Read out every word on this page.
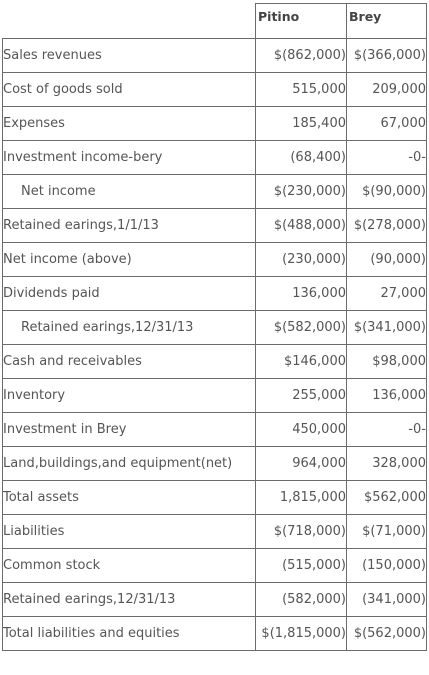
	Pitino	Brey
Sales revenues	$(862,000)	$(366,000)
Cost of goods sold	515,000	209,000
Expenses	185,400	67,000
Investment income-bery	(68,400)	-0-
Net income	$(230,000)	$(90,000)
Retained earings,1/1/13	$(488,000)	$(278,000)
Net income (above)	(230,000)	(90,000)
Dividends paid	136,000	27,000
Retained earings,12/31/13	$(582,000)	$(341,000)
Cash and receivables	$146,000	$98,000
Inventory	255,000	136,000
Investment in Brey	450,000	-0-
Land,buildings,and equipment(net)	964,000	328,000
Total assets	1,815,000	$562,000
Liabilities	$(718,000)	$(71,000)
Common stock	(515,000)	(150,000)
Retained earings,12/31/13	(582,000)	(341,000)
Total liabilities and equities	$(1,815,000)	$(562,000)
